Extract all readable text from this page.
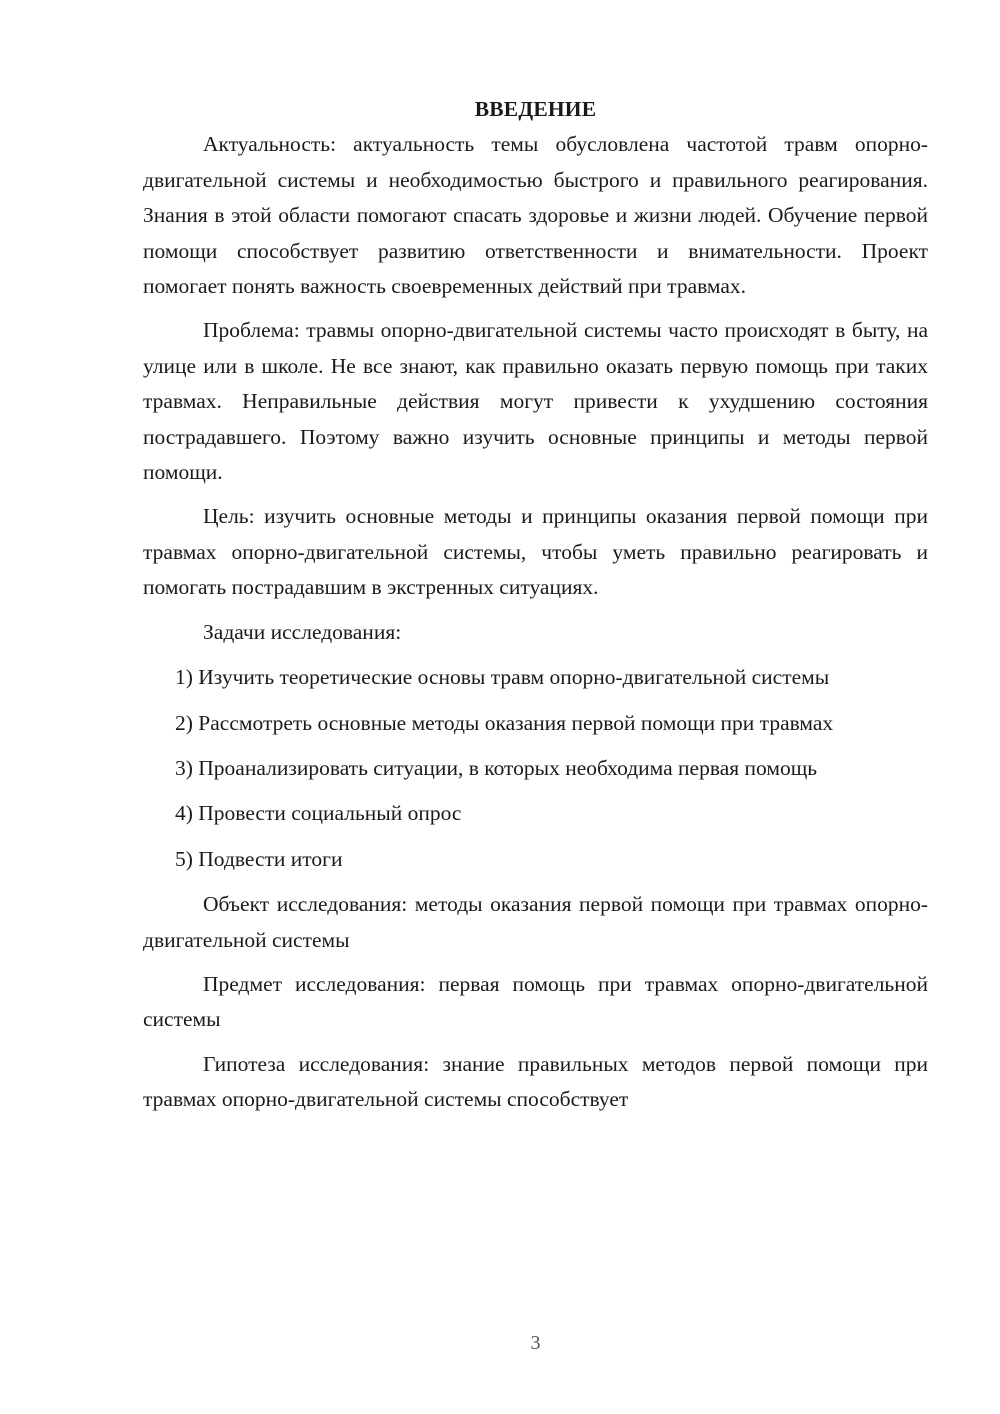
ВВЕДЕНИЕ

Актуальность: актуальность темы обусловлена частотой травм опорно-двигательной системы и необходимостью быстрого и правильного реагирования. Знания в этой области помогают спасать здоровье и жизни людей. Обучение первой помощи способствует развитию ответственности и внимательности. Проект помогает понять важность своевременных действий при травмах.

Проблема: травмы опорно-двигательной системы часто происходят в быту, на улице или в школе. Не все знают, как правильно оказать первую помощь при таких травмах. Неправильные действия могут привести к ухудшению состояния пострадавшего. Поэтому важно изучить основные принципы и методы первой помощи.

Цель: изучить основные методы и принципы оказания первой помощи при травмах опорно-двигательной системы, чтобы уметь правильно реагировать и помогать пострадавшим в экстренных ситуациях.

Задачи исследования:

1) Изучить теоретические основы травм опорно-двигательной системы

2) Рассмотреть основные методы оказания первой помощи при травмах

3) Проанализировать ситуации, в которых необходима первая помощь

4) Провести социальный опрос

5) Подвести итоги

Объект исследования: методы оказания первой помощи при травмах опорно-двигательной системы

Предмет исследования: первая помощь при травмах опорно-двигательной системы

Гипотеза исследования: знание правильных методов первой помощи при травмах опорно-двигательной системы способствует

3
